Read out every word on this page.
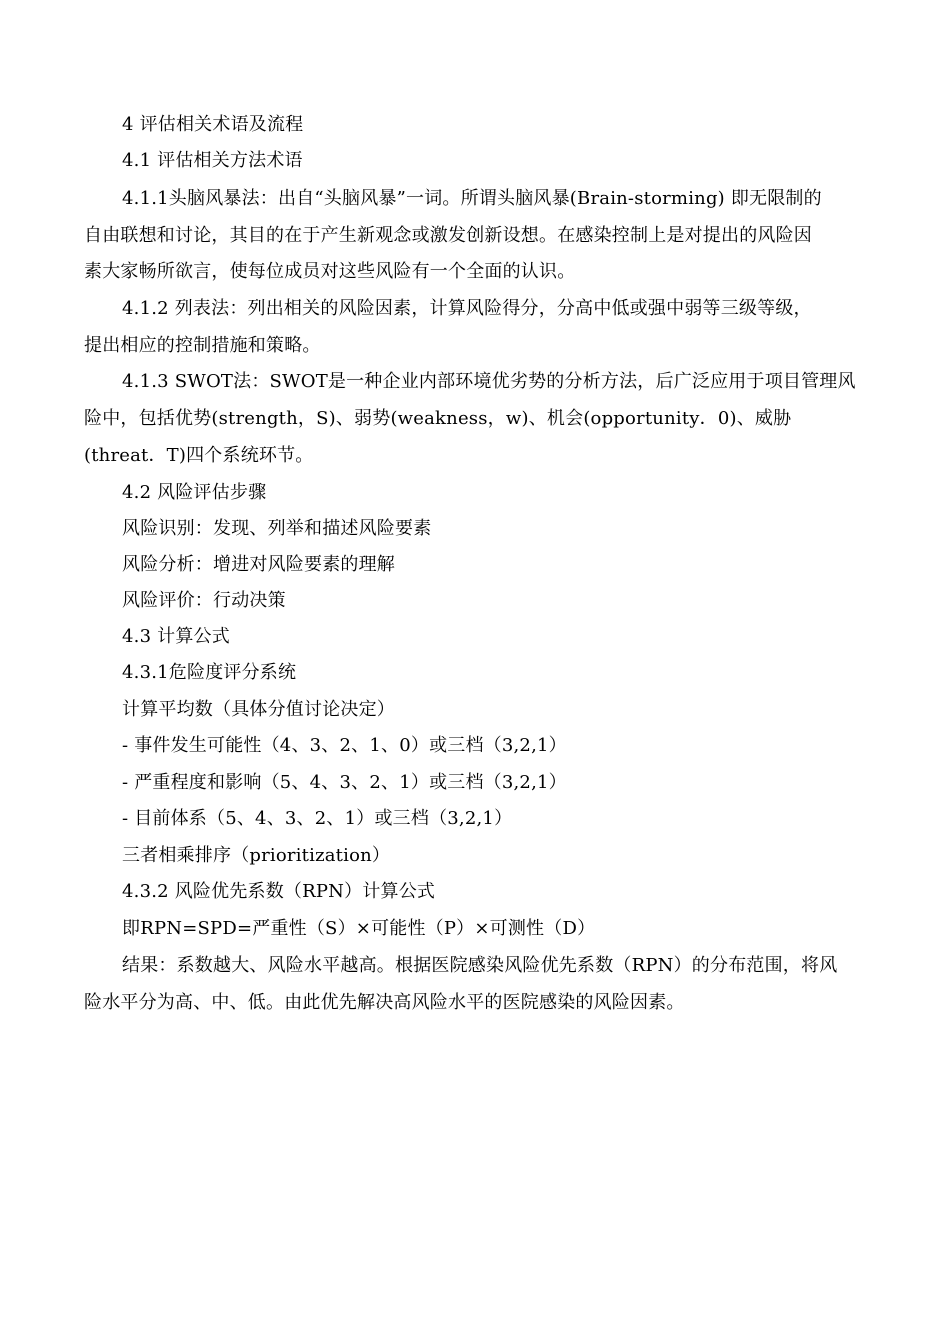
4 评估相关术语及流程
4.1 评估相关方法术语
4.1.1头脑风暴法：出自“头脑风暴”一词。所谓头脑风暴(Brain-storming) 即无限制的
自由联想和讨论，其目的在于产生新观念或激发创新设想。在感染控制上是对提出的风险因
素大家畅所欲言，使每位成员对这些风险有一个全面的认识。
4.1.2 列表法：列出相关的风险因素，计算风险得分，分高中低或强中弱等三级等级，
提出相应的控制措施和策略。
4.1.3 SWOT法：SWOT是一种企业内部环境优劣势的分析方法，后广泛应用于项目管理风
险中，包括优势(strength，S)、弱势(weakness，w)、机会(opportunity．0)、威胁
(threat．T)四个系统环节。
4.2 风险评估步骤
风险识别：发现、列举和描述风险要素
风险分析：增进对风险要素的理解
风险评价：行动决策
4.3 计算公式
4.3.1危险度评分系统
计算平均数（具体分值讨论决定）
- 事件发生可能性（4、3、2、1、0）或三档（3,2,1）
- 严重程度和影响（5、4、3、2、1）或三档（3,2,1）
- 目前体系（5、4、3、2、1）或三档（3,2,1）
三者相乘排序（prioritization）
4.3.2 风险优先系数（RPN）计算公式
即RPN=SPD=严重性（S）×可能性（P）×可测性（D）
结果：系数越大、风险水平越高。根据医院感染风险优先系数（RPN）的分布范围，将风
险水平分为高、中、低。由此优先解决高风险水平的医院感染的风险因素。
